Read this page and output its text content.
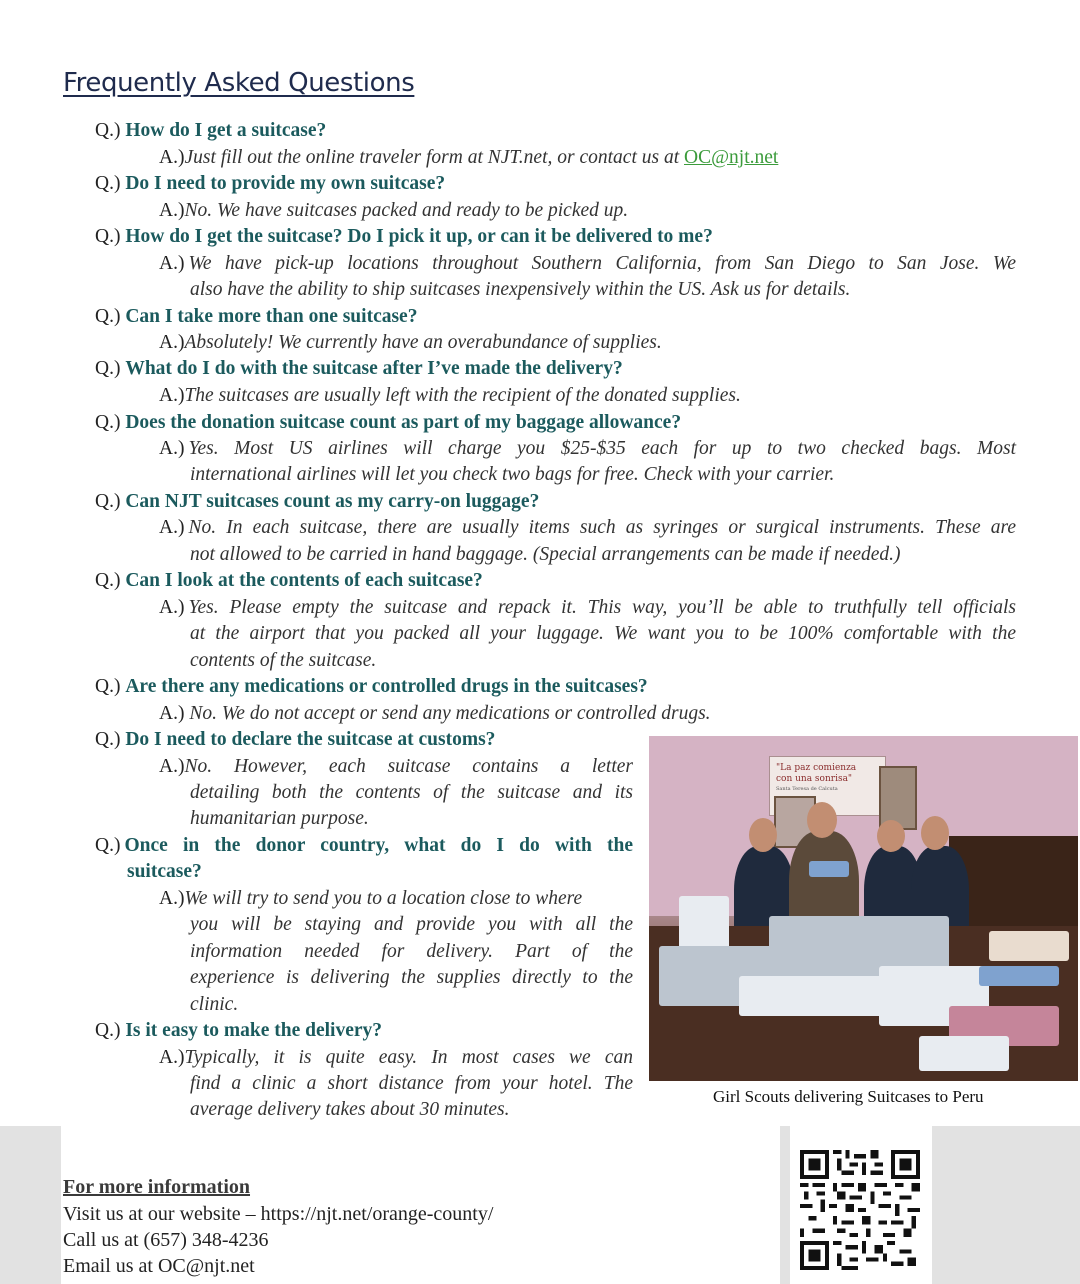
Frequently Asked Questions
Q.) How do I get a suitcase?
A.)Just fill out the online traveler form at NJT.net, or contact us at OC@njt.net
Q.) Do I need to provide my own suitcase?
A.)No. We have suitcases packed and ready to be picked up.
Q.) How do I get the suitcase? Do I pick it up, or can it be delivered to me?
A.) We have pick-up locations throughout Southern California, from San Diego to San Jose. We
also have the ability to ship suitcases inexpensively within the US. Ask us for details.
Q.) Can I take more than one suitcase?
A.)Absolutely! We currently have an overabundance of supplies.
Q.) What do I do with the suitcase after I’ve made the delivery?
A.)The suitcases are usually left with the recipient of the donated supplies.
Q.) Does the donation suitcase count as part of my baggage allowance?
A.) Yes. Most US airlines will charge you $25-$35 each for up to two checked bags. Most
international airlines will let you check two bags for free. Check with your carrier.
Q.) Can NJT suitcases count as my carry-on luggage?
A.) No. In each suitcase, there are usually items such as syringes or surgical instruments. These are
not allowed to be carried in hand baggage. (Special arrangements can be made if needed.)
Q.) Can I look at the contents of each suitcase?
A.) Yes. Please empty the suitcase and repack it. This way, you’ll be able to truthfully tell officials
at the airport that you packed all your luggage. We want you to be 100% comfortable with the
contents of the suitcase.
Q.) Are there any medications or controlled drugs in the suitcases?
A.) No. We do not accept or send any medications or controlled drugs.
Q.) Do I need to declare the suitcase at customs?
A.) No. However, each suitcase contains a letter
detailing both the contents of the suitcase and its
humanitarian purpose.
Q.) Once in the donor country, what do I do with the
suitcase?
A.)We will try to send you to a location close to where
you will be staying and provide you with all the
information needed for delivery. Part of the
experience is delivering the supplies directly to the
clinic.
Q.) Is it easy to make the delivery?
A.) Typically, it is quite easy. In most cases we can
find a clinic a short distance from your hotel. The
average delivery takes about 30 minutes.
"La paz comienza
con una sonrisa"
Santa Teresa de Calcuta
Girl Scouts delivering Suitcases to Peru
For more information
Visit us at our website – https://njt.net/orange-county/
Call us at (657) 348-4236
Email us at OC@njt.net
